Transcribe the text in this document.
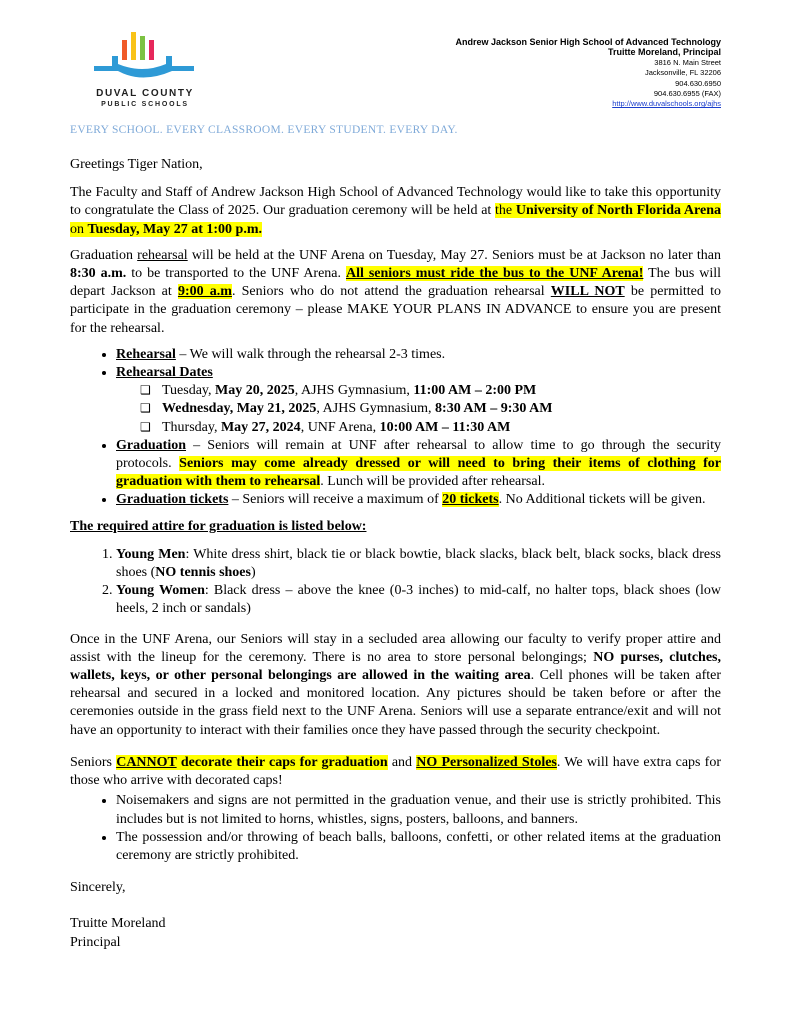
DUVAL COUNTY
PUBLIC SCHOOLS
Andrew Jackson Senior High School of Advanced Technology
Truitte Moreland, Principal
3816 N. Main Street
Jacksonville, FL 32206
904.630.6950
904.630.6955 (FAX)
http://www.duvalschools.org/ajhs
EVERY SCHOOL. EVERY CLASSROOM. EVERY STUDENT. EVERY DAY.

Greetings Tiger Nation,

The Faculty and Staff of Andrew Jackson High School of Advanced Technology would like to take this opportunity to congratulate the Class of 2025. Our graduation ceremony will be held at the University of North Florida Arena on Tuesday, May 27 at 1:00 p.m.

Graduation rehearsal will be held at the UNF Arena on Tuesday, May 27. Seniors must be at Jackson no later than 8:30 a.m. to be transported to the UNF Arena. All seniors must ride the bus to the UNF Arena! The bus will depart Jackson at 9:00 a.m. Seniors who do not attend the graduation rehearsal WILL NOT be permitted to participate in the graduation ceremony – please MAKE YOUR PLANS IN ADVANCE to ensure you are present for the rehearsal.

• Rehearsal – We will walk through the rehearsal 2-3 times.
• Rehearsal Dates
❑ Tuesday, May 20, 2025, AJHS Gymnasium, 11:00 AM – 2:00 PM
❑ Wednesday, May 21, 2025, AJHS Gymnasium, 8:30 AM – 9:30 AM
❑ Thursday, May 27, 2024, UNF Arena, 10:00 AM – 11:30 AM
• Graduation – Seniors will remain at UNF after rehearsal to allow time to go through the security protocols. Seniors may come already dressed or will need to bring their items of clothing for graduation with them to rehearsal. Lunch will be provided after rehearsal.
• Graduation tickets – Seniors will receive a maximum of 20 tickets. No Additional tickets will be given.
The required attire for graduation is listed below:
1. Young Men: White dress shirt, black tie or black bowtie, black slacks, black belt, black socks, black dress shoes (NO tennis shoes)
2. Young Women: Black dress – above the knee (0-3 inches) to mid-calf, no halter tops, black shoes (low heels, 2 inch or sandals)

Once in the UNF Arena, our Seniors will stay in a secluded area allowing our faculty to verify proper attire and assist with the lineup for the ceremony. There is no area to store personal belongings; NO purses, clutches, wallets, keys, or other personal belongings are allowed in the waiting area. Cell phones will be taken after rehearsal and secured in a locked and monitored location. Any pictures should be taken before or after the ceremonies outside in the grass field next to the UNF Arena. Seniors will use a separate entrance/exit and will not have an opportunity to interact with their families once they have passed through the security checkpoint.

Seniors CANNOT decorate their caps for graduation and NO Personalized Stoles. We will have extra caps for those who arrive with decorated caps!

• Noisemakers and signs are not permitted in the graduation venue, and their use is strictly prohibited. This includes but is not limited to horns, whistles, signs, posters, balloons, and banners.
• The possession and/or throwing of beach balls, balloons, confetti, or other related items at the graduation ceremony are strictly prohibited.

Sincerely,

Truitte Moreland

Principal
